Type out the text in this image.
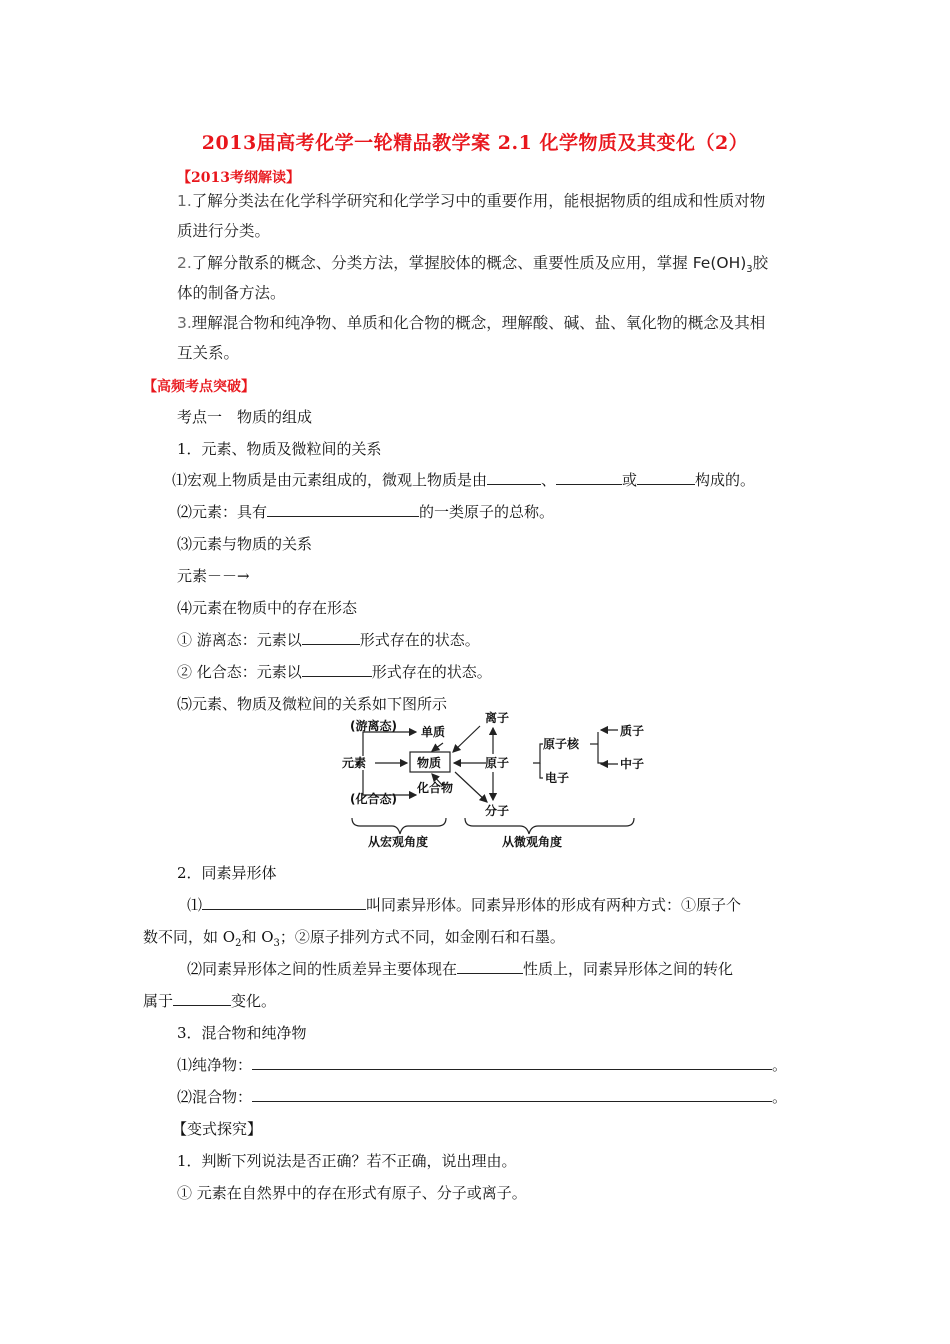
2013届高考化学一轮精品教学案 2.1 化学物质及其变化（2）
【2013考纲解读】
1.了解分类法在化学科学研究和化学学习中的重要作用，能根据物质的组成和性质对物
质进行分类。
2.了解分散系的概念、分类方法，掌握胶体的概念、重要性质及应用，掌握 $Fe(OH)_3$胶
体的制备方法。
3.理解混合物和纯净物、单质和化合物的概念，理解酸、碱、盐、氧化物的概念及其相
互关系。
【高频考点突破】
考点一　物质的组成
1．元素、物质及微粒间的关系
⑴宏观上物质是由元素组成的，微观上物质是由	、	或	构成的。
⑵元素：具有	的一类原子的总称。
⑶元素与物质的关系
元素－－→
⑷元素在物质中的存在形态
① 游离态：元素以	形式存在的状态。
② 化合态：元素以	形式存在的状态。
⑸元素、物质及微粒间的关系如下图所示
(游离态)
元素
(化合态)
单质
物质
化合物
离子
原子
分子
原子核
电子
质子
中子
从宏观角度	从微观角度
2．同素异形体
⑴	叫同素异形体。同素异形体的形成有两种方式：①原子个
数不同，如 $O_2$和 $O_3$；②原子排列方式不同，如金刚石和石墨。
⑵同素异形体之间的性质差异主要体现在	性质上，同素异形体之间的转化
属于	变化。
3．混合物和纯净物
⑴纯净物：	。
⑵混合物：	。
【变式探究】
1．判断下列说法是否正确？若不正确，说出理由。
① 元素在自然界中的存在形式有原子、分子或离子。
